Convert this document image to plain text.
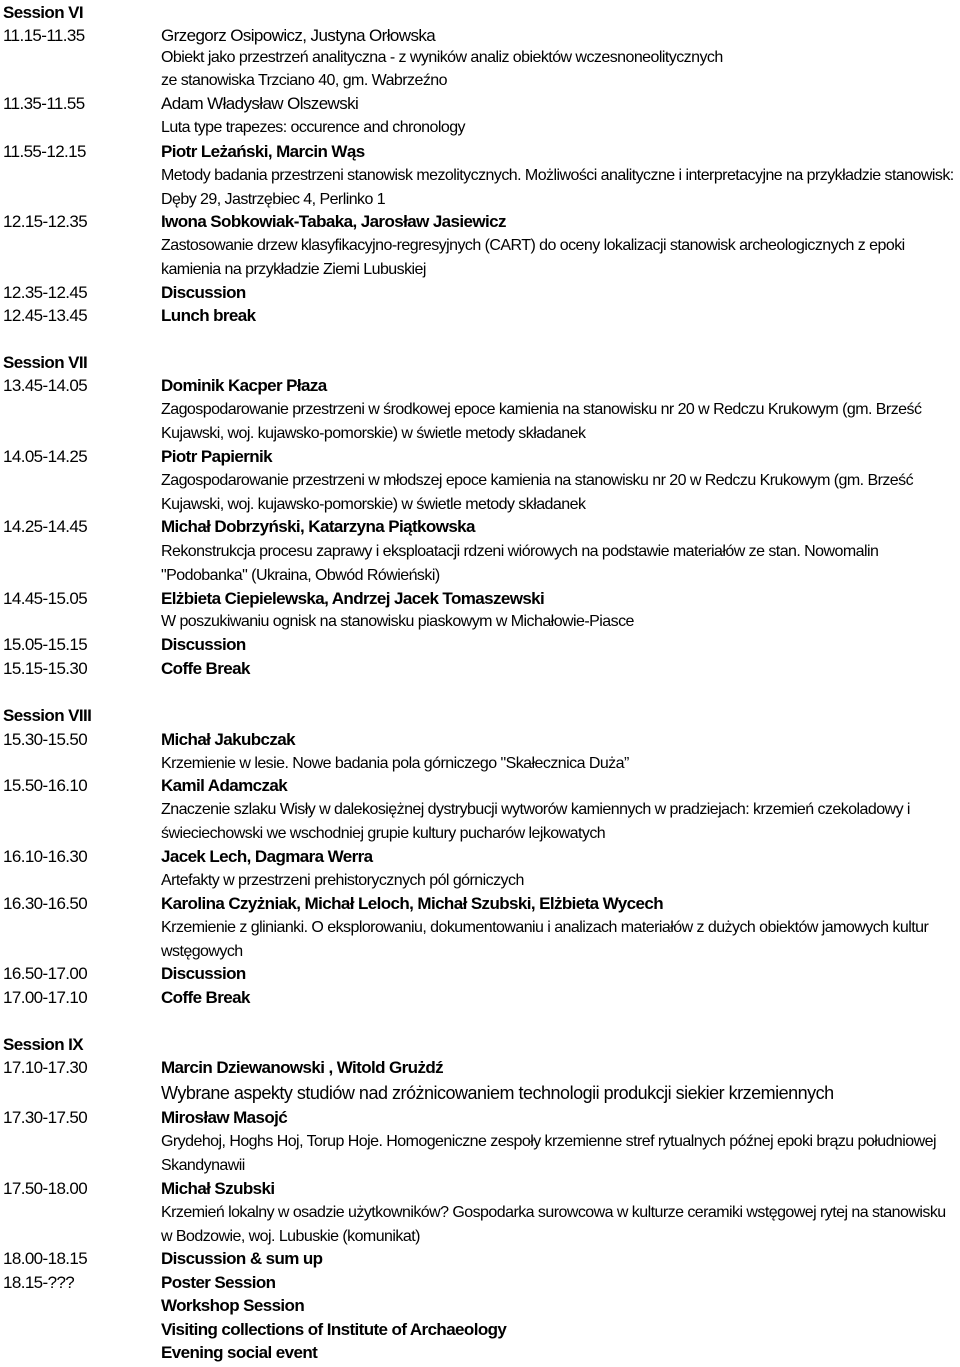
Session VI
11.15-11.35	Grzegorz Osipowicz, Justyna Orłowska
Obiekt jako przestrzeń analityczna - z wyników analiz obiektów wczesnoneolitycznych
ze stanowiska Trzciano 40, gm. Wabrzeźno
11.35-11.55	Adam Władysław Olszewski
Luta type trapezes: occurence and chronology
11.55-12.15	Piotr Leżański, Marcin Wąs
Metody badania przestrzeni stanowisk mezolitycznych. Możliwości analityczne i interpretacyjne na przykładzie stanowisk: Dęby 29, Jastrzębiec 4, Perlinko 1
12.15-12.35	Iwona Sobkowiak-Tabaka, Jarosław Jasiewicz
Zastosowanie drzew klasyfikacyjno-regresyjnych (CART) do oceny lokalizacji stanowisk archeologicznych z epoki kamienia na przykładzie Ziemi Lubuskiej
12.35-12.45	Discussion
12.45-13.45	Lunch break
Session VII
13.45-14.05	Dominik Kacper Płaza
Zagospodarowanie przestrzeni w środkowej epoce kamienia na stanowisku nr 20 w Redczu Krukowym (gm. Brześć Kujawski, woj. kujawsko-pomorskie) w świetle metody składanek
14.05-14.25	Piotr Papiernik
Zagospodarowanie przestrzeni w młodszej epoce kamienia na stanowisku nr 20 w Redczu Krukowym (gm. Brześć Kujawski, woj. kujawsko-pomorskie) w świetle metody składanek
14.25-14.45	Michał Dobrzyński, Katarzyna Piątkowska
Rekonstrukcja procesu zaprawy i eksploatacji rdzeni wiórowych na podstawie materiałów ze stan. Nowomalin "Podobanka" (Ukraina, Obwód Rówieński)
14.45-15.05	Elżbieta Ciepielewska, Andrzej Jacek Tomaszewski
W poszukiwaniu ognisk na stanowisku piaskowym w Michałowie-Piasce
15.05-15.15	Discussion
15.15-15.30	Coffe Break
Session VIII
15.30-15.50	Michał Jakubczak
Krzemienie w lesie. Nowe badania pola górniczego "Skałecznica Duża”
15.50-16.10	Kamil Adamczak
Znaczenie szlaku Wisły w dalekosiężnej dystrybucji wytworów kamiennych w pradziejach: krzemień czekoladowy i świeciechowski we wschodniej grupie kultury pucharów lejkowatych
16.10-16.30	Jacek Lech, Dagmara Werra
Artefakty w przestrzeni prehistorycznych pól górniczych
16.30-16.50	Karolina Czyżniak, Michał Leloch, Michał Szubski, Elżbieta Wycech
Krzemienie z glinianki. O eksplorowaniu, dokumentowaniu i analizach materiałów z dużych obiektów jamowych kultur wstęgowych
16.50-17.00	Discussion
17.00-17.10	Coffe Break
Session IX
17.10-17.30	Marcin Dziewanowski , Witold Grużdź
Wybrane aspekty studiów nad zróżnicowaniem technologii produkcji siekier krzemiennych
17.30-17.50	Mirosław Masojć
Grydehoj, Hoghs Hoj, Torup Hoje. Homogeniczne zespoły krzemienne stref rytualnych późnej epoki brązu południowej Skandynawii
17.50-18.00	Michał Szubski
Krzemień lokalny w osadzie użytkowników? Gospodarka surowcowa w kulturze ceramiki wstęgowej rytej na stanowisku w Bodzowie, woj. Lubuskie (komunikat)
18.00-18.15	Discussion & sum up
18.15-???	Poster Session
Workshop Session
Visiting collections of Institute of Archaeology
Evening social event
